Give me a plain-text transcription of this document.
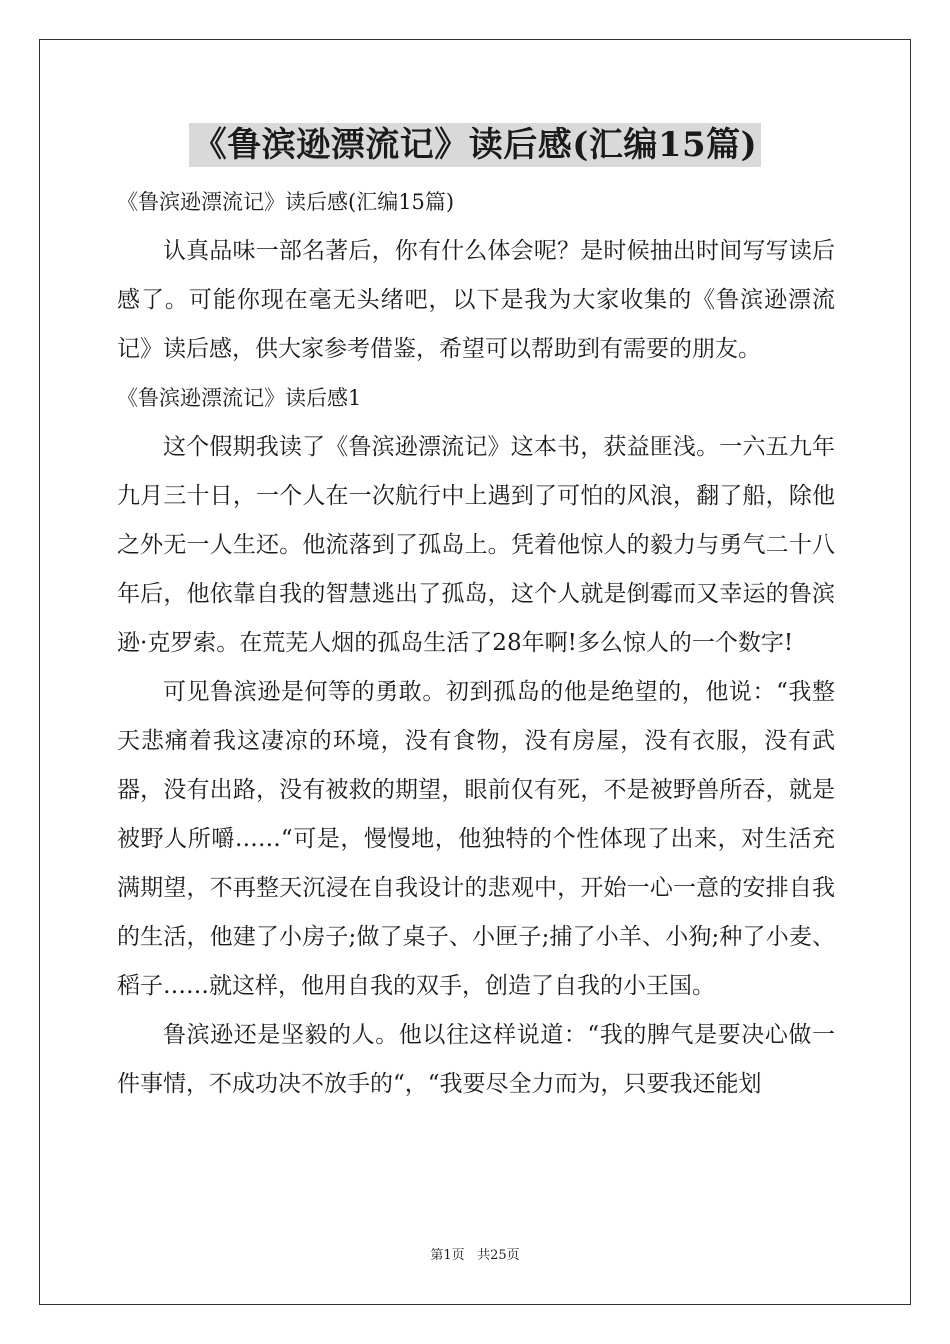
《鲁滨逊漂流记》读后感(汇编15篇)

《鲁滨逊漂流记》读后感(汇编15篇)

认真品味一部名著后，你有什么体会呢？是时候抽出时间写写读后感了。可能你现在毫无头绪吧，以下是我为大家收集的《鲁滨逊漂流记》读后感，供大家参考借鉴，希望可以帮助到有需要的朋友。

《鲁滨逊漂流记》读后感1

这个假期我读了《鲁滨逊漂流记》这本书，获益匪浅。一六五九年九月三十日，一个人在一次航行中上遇到了可怕的风浪，翻了船，除他之外无一人生还。他流落到了孤岛上。凭着他惊人的毅力与勇气二十八年后，他依靠自我的智慧逃出了孤岛，这个人就是倒霉而又幸运的鲁滨逊·克罗索。在荒芜人烟的孤岛生活了28年啊!多么惊人的一个数字!

可见鲁滨逊是何等的勇敢。初到孤岛的他是绝望的，他说：“我整天悲痛着我这凄凉的环境，没有食物，没有房屋，没有衣服，没有武器，没有出路，没有被救的期望，眼前仅有死，不是被野兽所吞，就是被野人所嚼……“可是，慢慢地，他独特的个性体现了出来，对生活充满期望，不再整天沉浸在自我设计的悲观中，开始一心一意的安排自我的生活，他建了小房子;做了桌子、小匣子;捕了小羊、小狗;种了小麦、稻子……就这样，他用自我的双手，创造了自我的小王国。

鲁滨逊还是坚毅的人。他以往这样说道：“我的脾气是要决心做一件事情，不成功决不放手的“，“我要尽全力而为，只要我还能划

第1页 共25页
